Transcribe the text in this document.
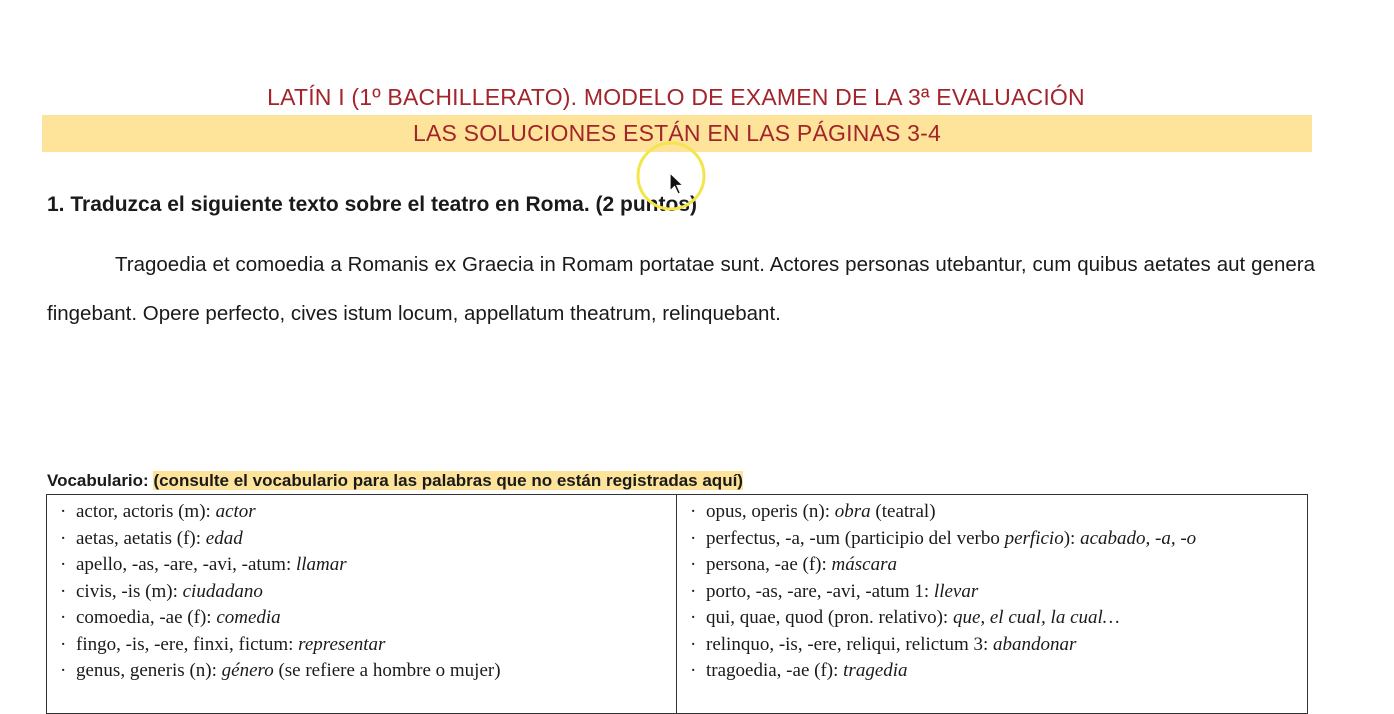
LATÍN I (1º BACHILLERATO). MODELO DE EXAMEN DE LA 3ª EVALUACIÓN
LAS SOLUCIONES ESTÁN EN LAS PÁGINAS 3-4
1. Traduzca el siguiente texto sobre el teatro en Roma. (2 puntos)
Tragoedia et comoedia a Romanis ex Graecia in Romam portatae sunt. Actores personas utebantur, cum quibus aetates aut genera fingebant. Opere perfecto, cives istum locum, appellatum theatrum, relinquebant.
Vocabulario: (consulte el vocabulario para las palabras que no están registradas aquí)
· actor, actoris (m): actor
· aetas, aetatis (f): edad
· apello, -as, -are, -avi, -atum: llamar
· civis, -is (m): ciudadano
· comoedia, -ae (f): comedia
· fingo, -is, -ere, finxi, fictum: representar
· genus, generis (n): género (se refiere a hombre o mujer)
· opus, operis (n): obra (teatral)
· perfectus, -a, -um (participio del verbo perficio): acabado, -a, -o
· persona, -ae (f): máscara
· porto, -as, -are, -avi, -atum 1: llevar
· qui, quae, quod (pron. relativo): que, el cual, la cual…
· relinquo, -is, -ere, reliqui, relictum 3: abandonar
· tragoedia, -ae (f): tragedia
